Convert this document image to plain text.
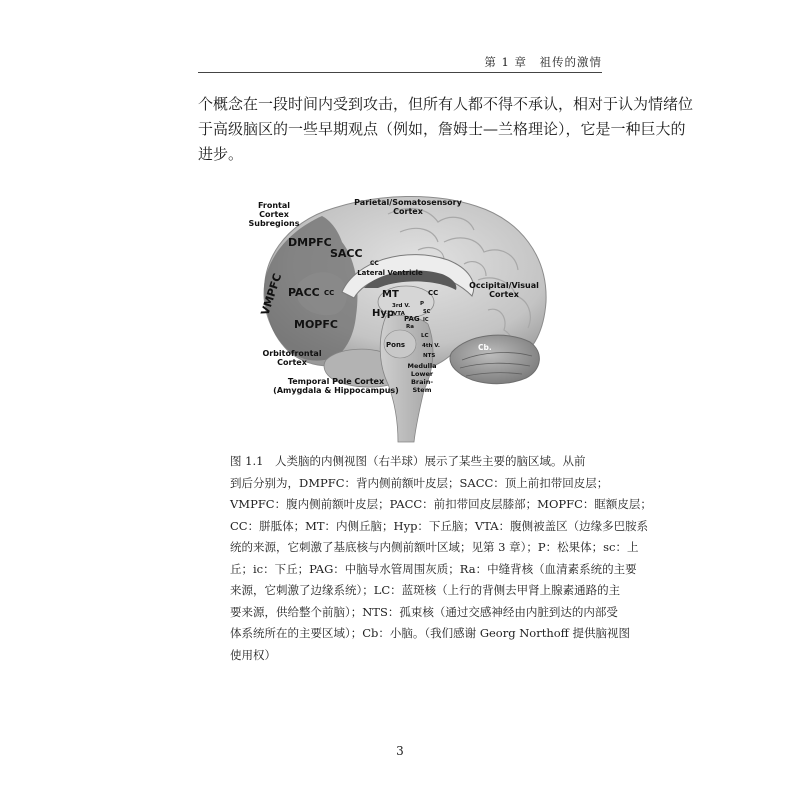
第 1 章　祖传的激情
个概念在一段时间内受到攻击，但所有人都不得不承认，相对于认为情绪位
于高级脑区的一些早期观点（例如，詹姆士—兰格理论），它是一种巨大的
进步。
Frontal
Cortex
Subregions
Parietal/Somatosensory
Cortex
DMPFC
SACC
VMPFC PACC
MOPFC
CC
Lateral Ventricle
CC	CC
MT
3rd V. P
SC
IC
Hyp
VTA
PAG
Ra
LC
4th V.
NTS
Pons
Medulla
Lower
Brain-
Stem
Occipital/Visual
Cortex
Cb.
Orbitofrontal
Cortex
Temporal Pole Cortex
(Amygdala & Hippocampus)
图 1.1　人类脑的内侧视图（右半球）展示了某些主要的脑区域。从前
到后分别为，DMPFC：背内侧前额叶皮层；SACC：顶上前扣带回皮层；
VMPFC：腹内侧前额叶皮层；PACC：前扣带回皮层膝部；MOPFC：眶额皮层；
CC：胼胝体；MT：内侧丘脑；Hyp：下丘脑；VTA：腹侧被盖区（边缘多巴胺系
统的来源，它刺激了基底核与内侧前额叶区域；见第 3 章）；P：松果体；sc：上
丘；ic：下丘；PAG：中脑导水管周围灰质；Ra：中缝背核（血清素系统的主要
来源，它刺激了边缘系统）；LC：蓝斑核（上行的背侧去甲肾上腺素通路的主
要来源，供给整个前脑）；NTS：孤束核（通过交感神经由内脏到达的内部受
体系统所在的主要区域）；Cb：小脑。（我们感谢 Georg Northoff 提供脑视图
使用权）
3
